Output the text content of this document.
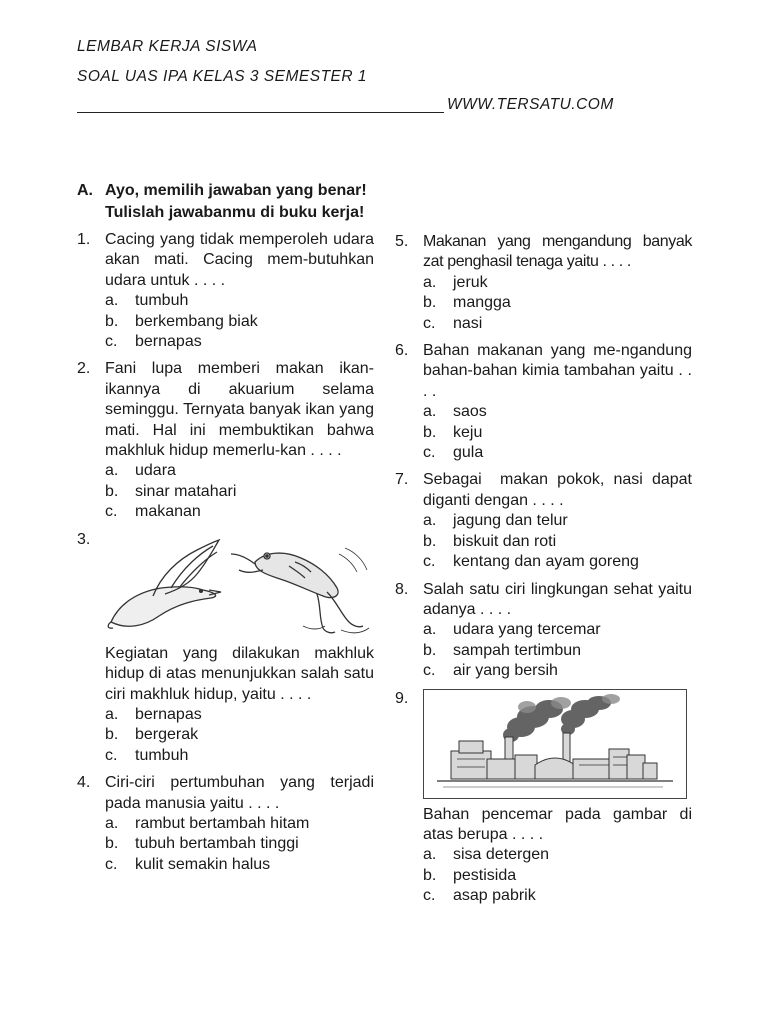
LEMBAR KERJA SISWA
SOAL UAS IPA KELAS 3 SEMESTER 1
WWW.TERSATU.COM
A. Ayo, memilih jawaban yang benar!
Tulislah jawabanmu di buku kerja!
1. Cacing yang tidak memperoleh udara akan mati. Cacing mem-butuhkan udara untuk . . . .
a. tumbuh
b. berkembang biak
c. bernapas
2. Fani lupa memberi makan ikan-ikannya di akuarium selama seminggu. Ternyata banyak ikan yang mati. Hal ini membuktikan bahwa makhluk hidup memerlu-kan . . . .
a. udara
b. sinar matahari
c. makanan
3.
Kegiatan yang dilakukan makhluk hidup di atas menunjukkan salah satu ciri makhluk hidup, yaitu . . . .
a. bernapas
b. bergerak
c. tumbuh
4. Ciri-ciri pertumbuhan yang terjadi pada manusia yaitu . . . .
a. rambut bertambah hitam
b. tubuh bertambah tinggi
c. kulit semakin halus
5. Makanan yang mengandung banyak zat penghasil tenaga yaitu . . . .
a. jeruk
b. mangga
c. nasi
6. Bahan makanan yang me-ngandung bahan-bahan kimia tambahan yaitu . . . .
a. saos
b. keju
c. gula
7. Sebagai  makan pokok, nasi dapat diganti dengan . . . .
a. jagung dan telur
b. biskuit dan roti
c. kentang dan ayam goreng
8. Salah satu ciri lingkungan sehat yaitu adanya . . . .
a. udara yang tercemar
b. sampah tertimbun
c. air yang bersih
9.
Bahan pencemar pada gambar di atas berupa . . . .
a. sisa detergen
b. pestisida
c. asap pabrik
